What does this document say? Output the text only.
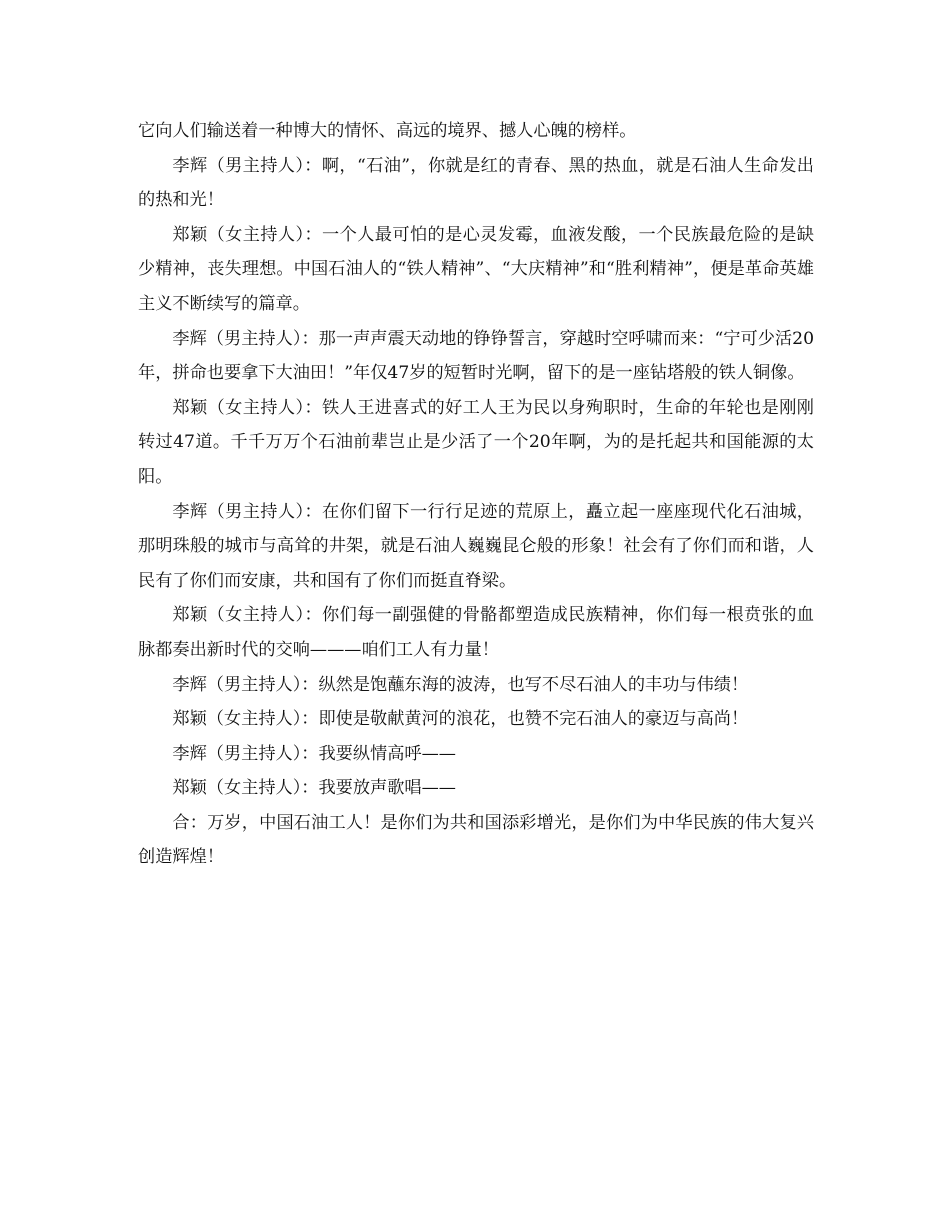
它向人们输送着一种博大的情怀、高远的境界、撼人心魄的榜样。

李辉（男主持人）：啊，“石油”，你就是红的青春、黑的热血，就是石油人生命发出的热和光！

郑颖（女主持人）：一个人最可怕的是心灵发霉，血液发酸，一个民族最危险的是缺少精神，丧失理想。中国石油人的“铁人精神”、“大庆精神”和“胜利精神”，便是革命英雄主义不断续写的篇章。

李辉（男主持人）：那一声声震天动地的铮铮誓言，穿越时空呼啸而来：“宁可少活20年，拼命也要拿下大油田！”年仅47岁的短暂时光啊，留下的是一座钻塔般的铁人铜像。

郑颖（女主持人）：铁人王进喜式的好工人王为民以身殉职时，生命的年轮也是刚刚转过47道。千千万万个石油前辈岂止是少活了一个20年啊，为的是托起共和国能源的太阳。

李辉（男主持人）：在你们留下一行行足迹的荒原上，矗立起一座座现代化石油城，那明珠般的城市与高耸的井架，就是石油人巍巍昆仑般的形象！社会有了你们而和谐，人民有了你们而安康，共和国有了你们而挺直脊梁。

郑颖（女主持人）：你们每一副强健的骨骼都塑造成民族精神，你们每一根贲张的血脉都奏出新时代的交响———咱们工人有力量！

李辉（男主持人）：纵然是饱蘸东海的波涛，也写不尽石油人的丰功与伟绩！

郑颖（女主持人）：即使是敬献黄河的浪花，也赞不完石油人的豪迈与高尚！

李辉（男主持人）：我要纵情高呼——

郑颖（女主持人）：我要放声歌唱——

合：万岁，中国石油工人！是你们为共和国添彩增光，是你们为中华民族的伟大复兴创造辉煌！
